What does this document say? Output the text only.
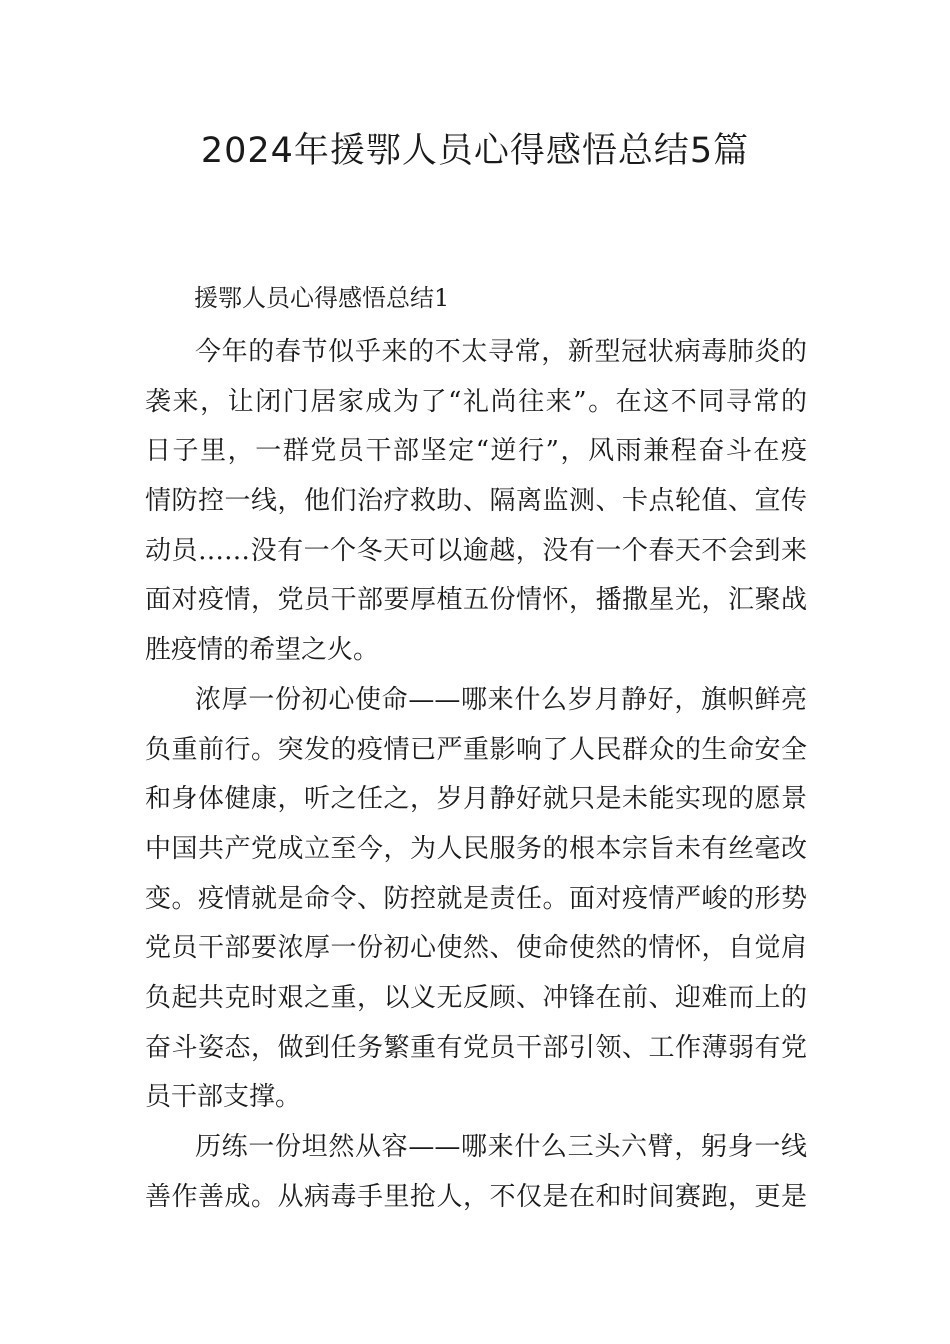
2024年援鄂人员心得感悟总结5篇

援鄂人员心得感悟总结1

今年的春节似乎来的不太寻常，新型冠状病毒肺炎的
袭来，让闭门居家成为了“礼尚往来”。在这不同寻常的
日子里，一群党员干部坚定“逆行”，风雨兼程奋斗在疫
情防控一线，他们治疗救助、隔离监测、卡点轮值、宣传
动员……没有一个冬天可以逾越，没有一个春天不会到来
面对疫情，党员干部要厚植五份情怀，播撒星光，汇聚战
胜疫情的希望之火。
浓厚一份初心使命——哪来什么岁月静好，旗帜鲜亮
负重前行。突发的疫情已严重影响了人民群众的生命安全
和身体健康，听之任之，岁月静好就只是未能实现的愿景
中国共产党成立至今，为人民服务的根本宗旨未有丝毫改
变。疫情就是命令、防控就是责任。面对疫情严峻的形势
党员干部要浓厚一份初心使然、使命使然的情怀，自觉肩
负起共克时艰之重，以义无反顾、冲锋在前、迎难而上的
奋斗姿态，做到任务繁重有党员干部引领、工作薄弱有党
员干部支撑。
历练一份坦然从容——哪来什么三头六臂，躬身一线
善作善成。从病毒手里抢人，不仅是在和时间赛跑，更是
